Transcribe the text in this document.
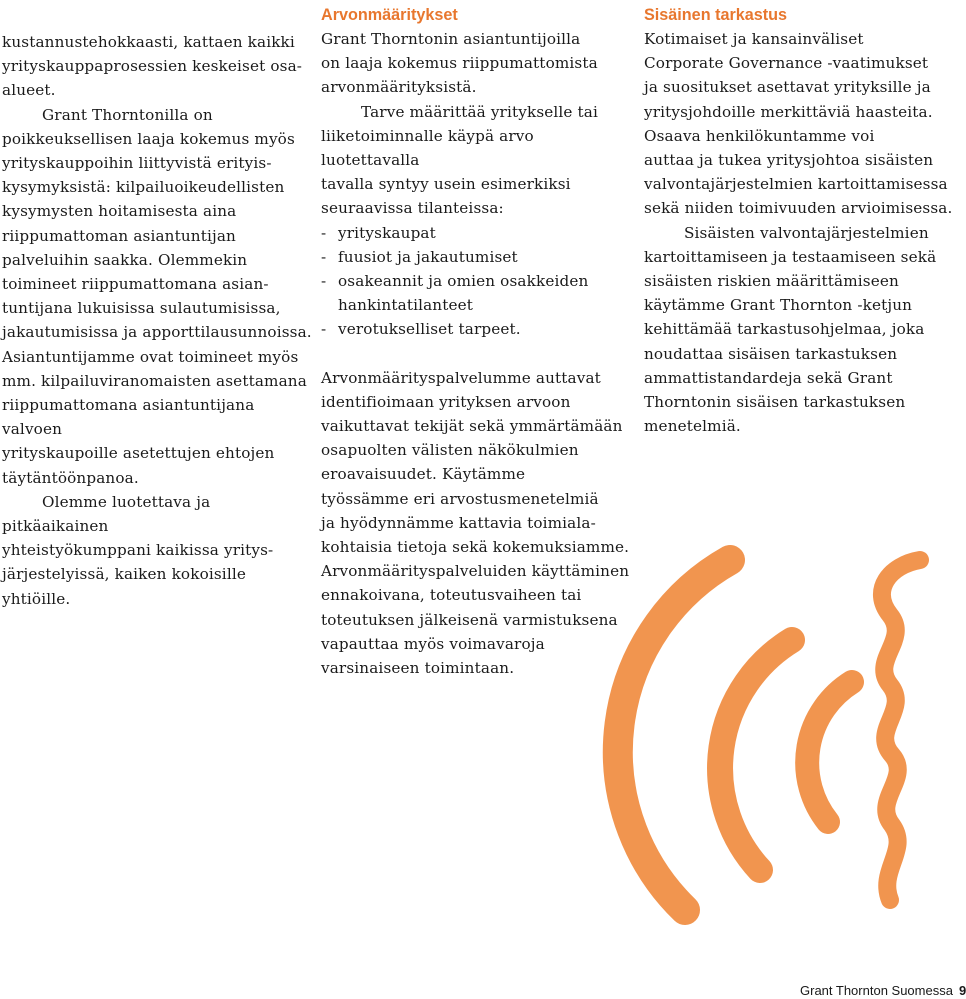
kustannustehokkaasti, kattaen kaikki
yrityskauppaprosessien keskeiset osa-
alueet.

Grant Thorntonilla on
poikkeuksellisen laaja kokemus myös
yrityskauppoihin liittyvistä erityis-
kysymyksistä: kilpailuoikeudellisten
kysymysten hoitamisesta aina
riippumattoman asiantuntijan
palveluihin saakka. Olemmekin
toimineet riippumattomana asian-
tuntijana lukuisissa sulautumisissa,
jakautumisissa ja apporttilausunnoissa.
Asiantuntijamme ovat toimineet myös
mm. kilpailuviranomaisten asettamana
riippumattomana asiantuntijana valvoen
yrityskaupoille asetettujen ehtojen
täytäntöönpanoa.

Olemme luotettava ja pitkäaikainen
yhteistyökumppani kaikissa yritys-
järjestelyissä, kaiken kokoisille yhtiöille.

Arvonmääritykset

Grant Thorntonin asiantuntijoilla
on laaja kokemus riippumattomista
arvonmäärityksistä.

Tarve määrittää yritykselle tai
liiketoiminnalle käypä arvo luotettavalla
tavalla syntyy usein esimerkiksi
seuraavissa tilanteissa:

- yrityskaupat
- fuusiot ja jakautumiset
- osakeannit ja omien osakkeiden
hankintatilanteet
- verotukselliset tarpeet.

Arvonmäärityspalvelumme auttavat
identifioimaan yrityksen arvoon
vaikuttavat tekijät sekä ymmärtämään
osapuolten välisten näkökulmien
eroavaisuudet. Käytämme
työssämme eri arvostusmenetelmiä
ja hyödynnämme kattavia toimiala-
kohtaisia tietoja sekä kokemuksiamme.
Arvonmäärityspalveluiden käyttäminen
ennakoivana, toteutusvaiheen tai
toteutuksen jälkeisenä varmistuksena
vapauttaa myös voimavaroja
varsinaiseen toimintaan.

Sisäinen tarkastus

Kotimaiset ja kansainväliset
Corporate Governance -vaatimukset
ja suositukset asettavat yrityksille ja
yritysjohdoille merkittäviä haasteita.
Osaava henkilökuntamme voi
auttaa ja tukea yritysjohtoa sisäisten
valvontajärjestelmien kartoittamisessa
sekä niiden toimivuuden arvioimisessa.

Sisäisten valvontajärjestelmien
kartoittamiseen ja testaamiseen sekä
sisäisten riskien määrittämiseen
käytämme Grant Thornton -ketjun
kehittämää tarkastusohjelmaa, joka
noudattaa sisäisen tarkastuksen
ammattistandardeja sekä Grant
Thorntonin sisäisen tarkastuksen
menetelmiä.

Grant Thornton Suomessa 9
